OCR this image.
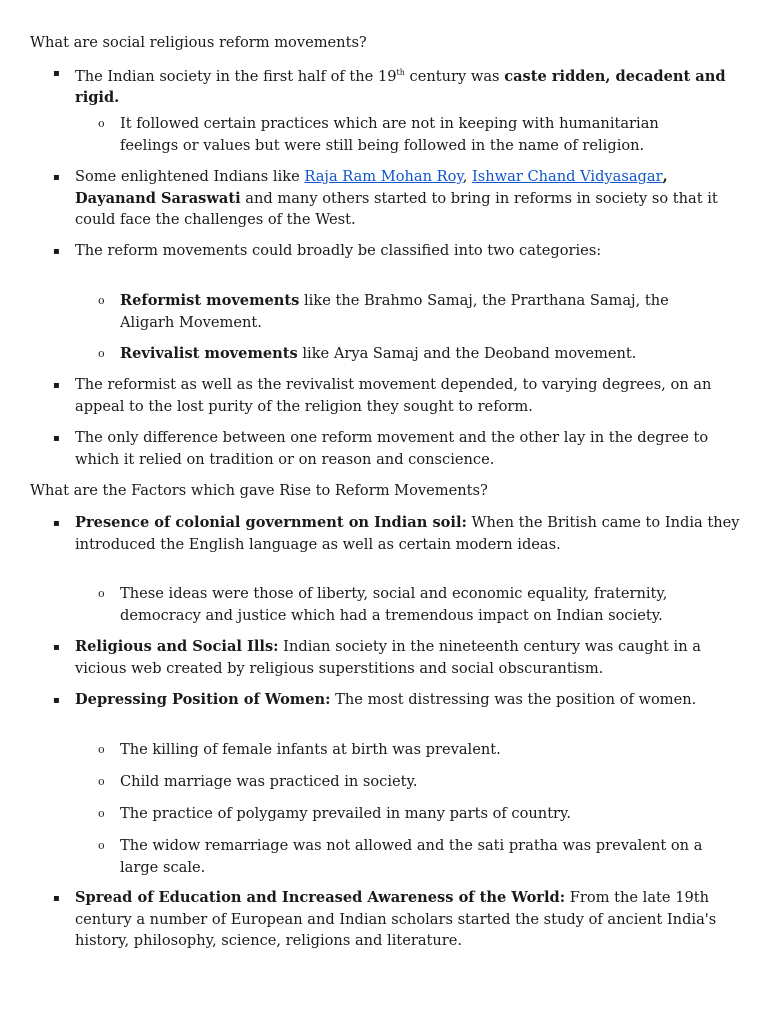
What are social religious reform movements?
▪ The Indian society in the first half of the 19th century was caste ridden, decadent and rigid.
o It followed certain practices which are not in keeping with humanitarian feelings or values but were still being followed in the name of religion.
▪ Some enlightened Indians like Raja Ram Mohan Roy, Ishwar Chand Vidyasagar, Dayanand Saraswati and many others started to bring in reforms in society so that it could face the challenges of the West.
▪ The reform movements could broadly be classified into two categories:
o Reformist movements like the Brahmo Samaj, the Prarthana Samaj, the Aligarh Movement.
o Revivalist movements like Arya Samaj and the Deoband movement.
▪ The reformist as well as the revivalist movement depended, to varying degrees, on an appeal to the lost purity of the religion they sought to reform.
▪ The only difference between one reform movement and the other lay in the degree to which it relied on tradition or on reason and conscience.
What are the Factors which gave Rise to Reform Movements?
▪ Presence of colonial government on Indian soil: When the British came to India they introduced the English language as well as certain modern ideas.
o These ideas were those of liberty, social and economic equality, fraternity, democracy and justice which had a tremendous impact on Indian society.
▪ Religious and Social Ills: Indian society in the nineteenth century was caught in a vicious web created by religious superstitions and social obscurantism.
▪ Depressing Position of Women: The most distressing was the position of women.
o The killing of female infants at birth was prevalent.
o Child marriage was practiced in society.
o The practice of polygamy prevailed in many parts of country.
o The widow remarriage was not allowed and the sati pratha was prevalent on a large scale.
▪ Spread of Education and Increased Awareness of the World: From the late 19th century a number of European and Indian scholars started the study of ancient India's history, philosophy, science, religions and literature.
